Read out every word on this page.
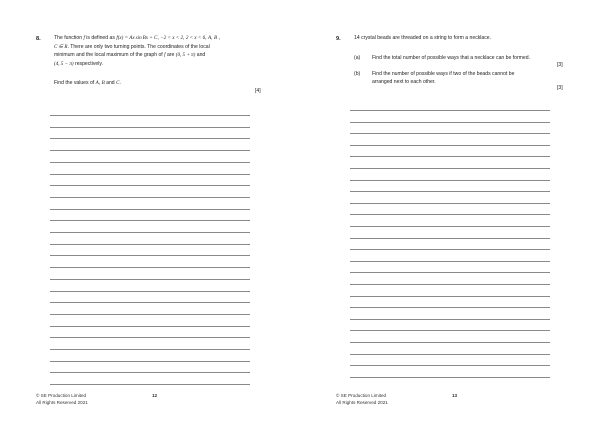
8.	The function f is defined as f(x) = Ax sin Bx + C, −2 < x < 2, 2 < x < 6, A, B ,
C ∈ R. There are only two turning points. The coordinates of the local
minimum and the local maximum of the graph of f are (0, 5 + π) and
(4, 5 − π) respectively.
Find the values of A, B and C.
[4]
© SE Production Limited
All Rights Reserved 2021
12
9.	14 crystal beads are threaded on a string to form a necklace.
(a) Find the total number of possible ways that a necklace can be formed.
[3]
(b) Find the number of possible ways if two of the beads cannot be
arranged next to each other.
[3]
© SE Production Limited
All Rights Reserved 2021
13
